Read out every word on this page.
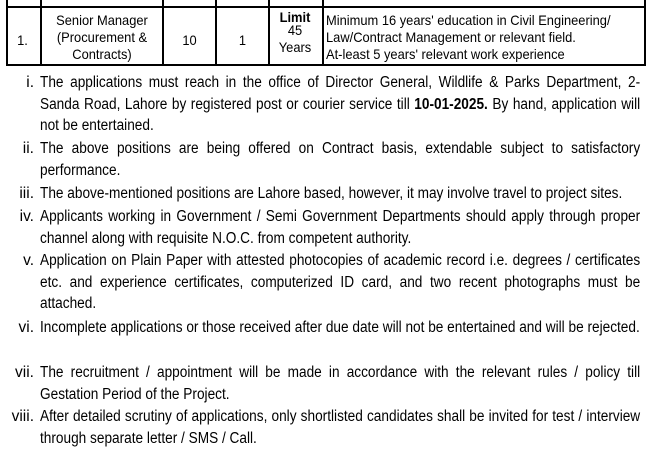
1.
Senior Manager
(Procurement &
Contracts)
10	1
Limit
45
Years
Minimum 16 years' education in Civil Engineering/
Law/Contract Management or relevant field.
At-least 5 years' relevant work experience
i. The applications must reach in the office of Director General, Wildlife & Parks Department, 2-Sanda Road, Lahore by registered post or courier service till 10-01-2025. By hand, application will not be entertained.
ii. The above positions are being offered on Contract basis, extendable subject to satisfactory performance.
iii. The above-mentioned positions are Lahore based, however, it may involve travel to project sites.
iv. Applicants working in Government / Semi Government Departments should apply through proper channel along with requisite N.O.C. from competent authority.
v. Application on Plain Paper with attested photocopies of academic record i.e. degrees / certificates etc. and experience certificates, computerized ID card, and two recent photographs must be attached.
vi. Incomplete applications or those received after due date will not be entertained and will be rejected.
vii. The recruitment / appointment will be made in accordance with the relevant rules / policy till Gestation Period of the Project.
viii. After detailed scrutiny of applications, only shortlisted candidates shall be invited for test / interview through separate letter / SMS / Call.
